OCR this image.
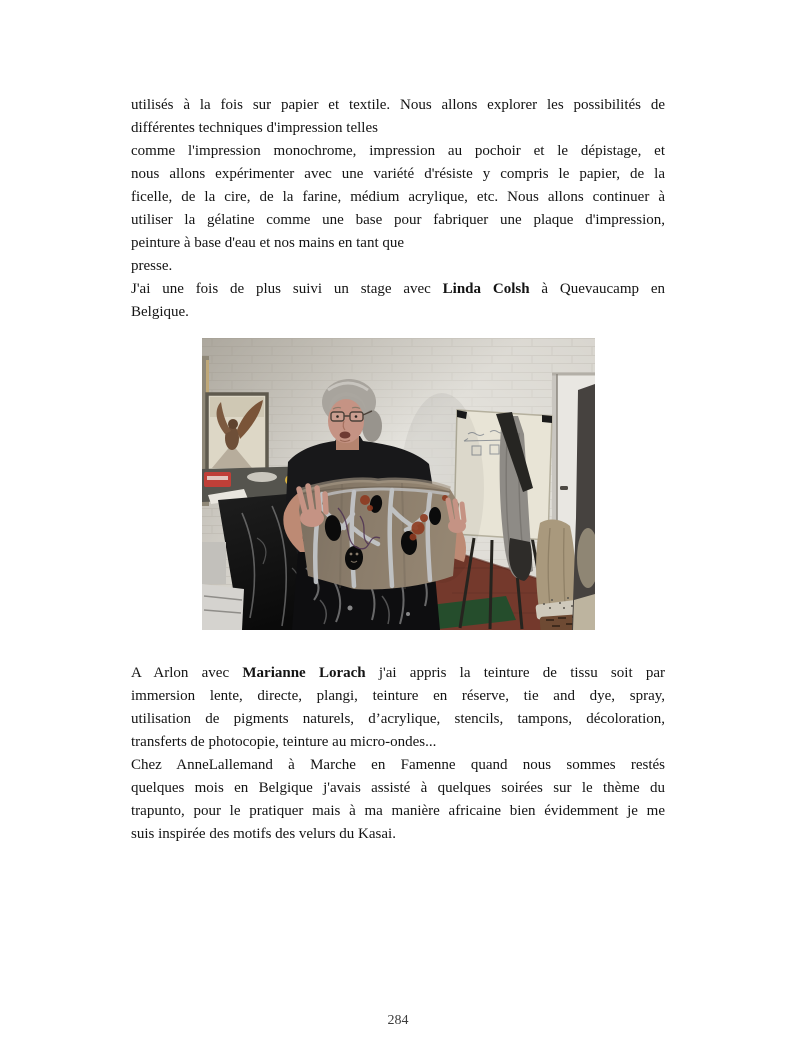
utilisés à la fois sur papier et textile. Nous allons explorer les possibilités de
différentes techniques d'impression telles
comme l'impression monochrome, impression au pochoir et le dépistage, et
nous allons expérimenter avec une variété d'résiste y compris le papier, de la
ficelle, de la cire, de la farine, médium acrylique, etc. Nous allons continuer à
utiliser la gélatine comme une base pour fabriquer une plaque d'impression,
peinture à base d'eau et nos mains en tant que
presse.
J'ai une fois de plus suivi un stage avec Linda Colsh à Quevaucamp en
Belgique.
A Arlon avec Marianne Lorach j'ai appris la teinture de tissu soit par
immersion lente, directe, plangi, teinture en réserve, tie and dye, spray,
utilisation de pigments naturels, d’acrylique, stencils, tampons, décoloration,
transferts de photocopie, teinture au micro-ondes...
Chez AnneLallemand à Marche en Famenne quand nous sommes restés
quelques mois en Belgique j'avais assisté à quelques soirées sur le thème du
trapunto, pour le pratiquer mais à ma manière africaine bien évidemment je me
suis inspirée des motifs des velurs du Kasai.
284
